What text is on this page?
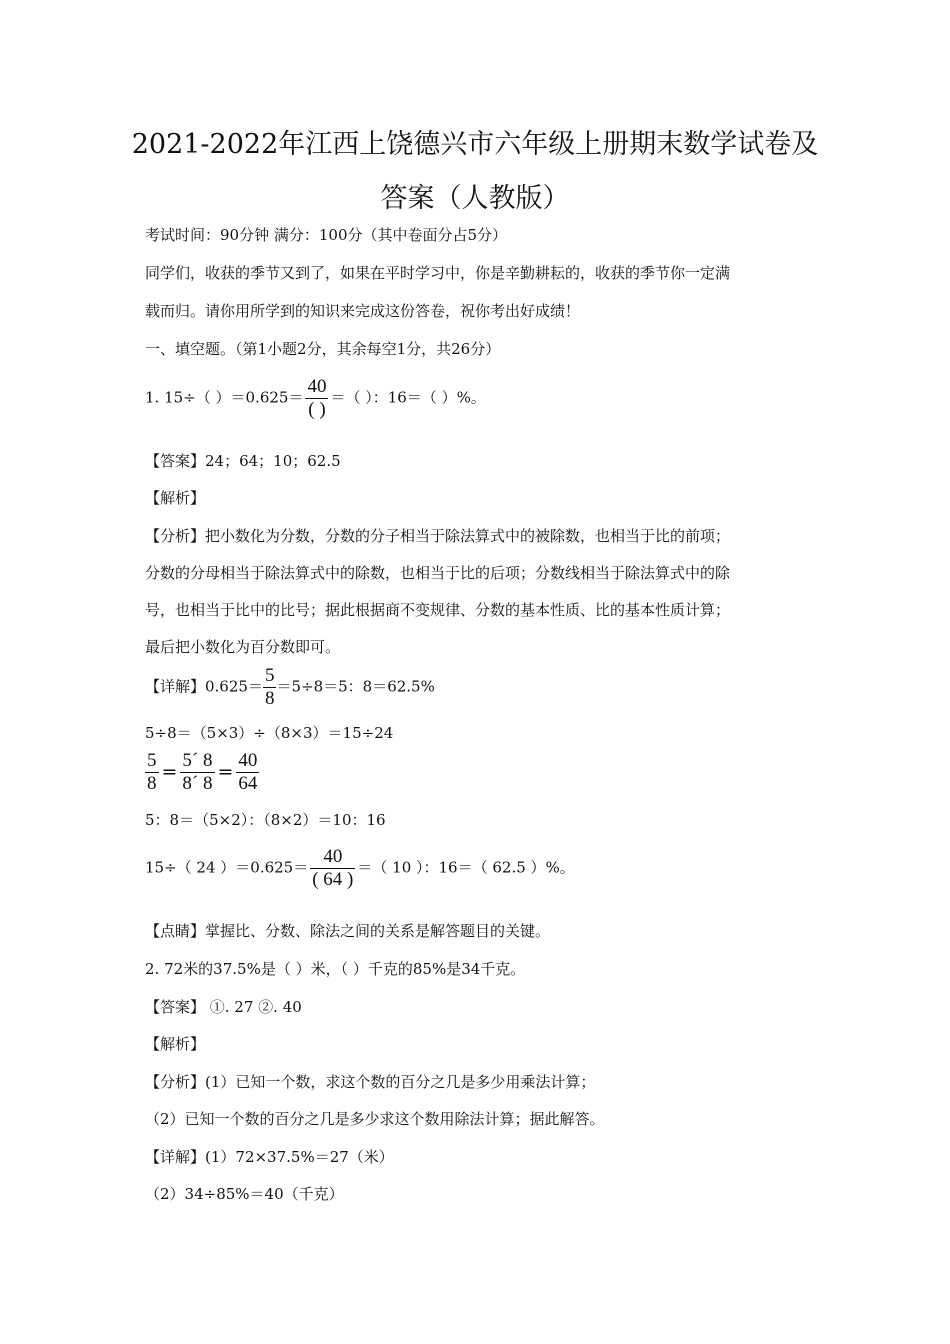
2021-2022年江西上饶德兴市六年级上册期末数学试卷及答案（人教版）
考试时间：90分钟 满分：100分（其中卷面分占5分）
同学们，收获的季节又到了，如果在平时学习中，你是辛勤耕耘的，收获的季节你一定满
载而归。请你用所学到的知识来完成这份答卷，祝你考出好成绩！
一、填空题。（第1小题2分，其余每空1分，共26分）
1. 15÷（ ）$=0.625= \frac{40}{( )}$ ＝（ ）：16＝（ ）%。
【答案】24；64；10；62.5
【解析】
【分析】把小数化为分数，分数的分子相当于除法算式中的被除数，也相当于比的前项；
分数的分母相当于除法算式中的除数，也相当于比的后项；分数线相当于除法算式中的除
号，也相当于比中的比号；据此根据商不变规律、分数的基本性质、比的基本性质计算；
最后把小数化为百分数即可。
【详解】$0.625= \frac{5}{8} =5\div 8=5$：8＝62.5%
5÷8＝（5×3）÷（8×3）＝15÷24
$\frac{5}{8} = \frac{5´ 8}{8´ 8} = \frac{40}{64}$
5：8＝（5×2）：（8×2）＝10：16
15÷（ 24 ）$=0.625= \frac{40}{( 64 )}$ ＝（ 10 ）：16＝（ 62.5 ）%。
【点睛】掌握比、分数、除法之间的关系是解答题目的关键。
2. 72米的37.5%是（ ）米，（ ）千克的85%是34千克。
【答案】 ①. 27 ②. 40
【解析】
【分析】(1）已知一个数，求这个数的百分之几是多少用乘法计算；
（2）已知一个数的百分之几是多少求这个数用除法计算；据此解答。
【详解】(1）72×37.5%＝27（米）
（2）34÷85%＝40（千克）
